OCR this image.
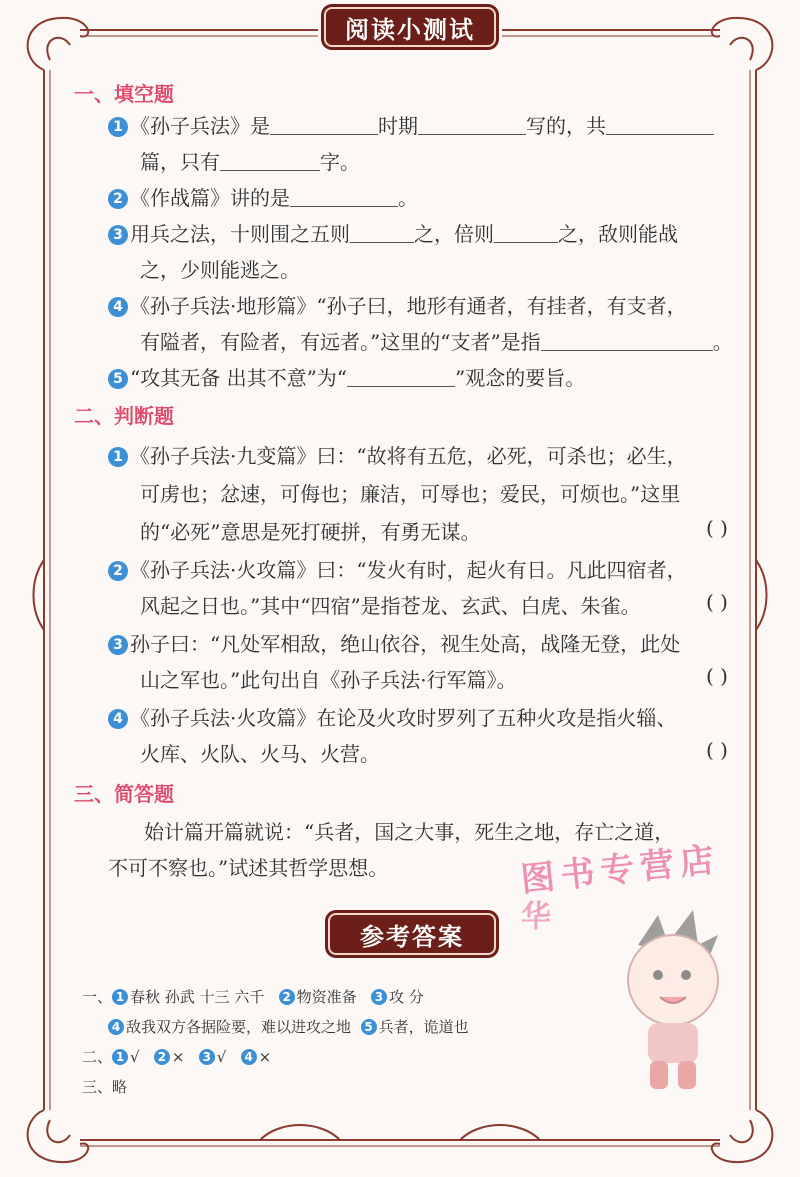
阅读小测试
一、填空题
1 《孙子兵法》是	时期	写的，共
篇，只有	字。
2 《作战篇》讲的是	。
3 用兵之法，十则围之五则	之，倍则	之，敌则能战
之，少则能逃之。
4 《孙子兵法·地形篇》“孙子曰，地形有通者，有挂者，有支者，
有隘者，有险者，有远者。”这里的“支者”是指	。
5 “攻其无备 出其不意”为“	”观念的要旨。
二、判断题
1 《孙子兵法·九变篇》曰：“故将有五危，必死，可杀也；必生，
可虏也；忿速，可侮也；廉洁，可辱也；爱民，可烦也。”这里
的“必死”意思是死打硬拼，有勇无谋。	( )
2 《孙子兵法·火攻篇》曰：“发火有时，起火有日。凡此四宿者，
风起之日也。”其中“四宿”是指苍龙、玄武、白虎、朱雀。	( )
3 孙子曰：“凡处军相敌，绝山依谷，视生处高，战隆无登，此处
山之军也。”此句出自《孙子兵法·行军篇》。	( )
4 《孙子兵法·火攻篇》在论及火攻时罗列了五种火攻是指火辎、
火库、火队、火马、火营。	( )
三、简答题
始计篇开篇就说：“兵者，国之大事，死生之地，存亡之道，
不可不察也。”试述其哲学思想。	图书专营店
华
参考答案
一、 1 春秋 孙武 十三 六千 2 物资准备 3 攻 分
4 敌我双方各据险要，难以进攻之地 5 兵者，诡道也
二、 1 √ 2 × 3 √ 4 ×
三、略
